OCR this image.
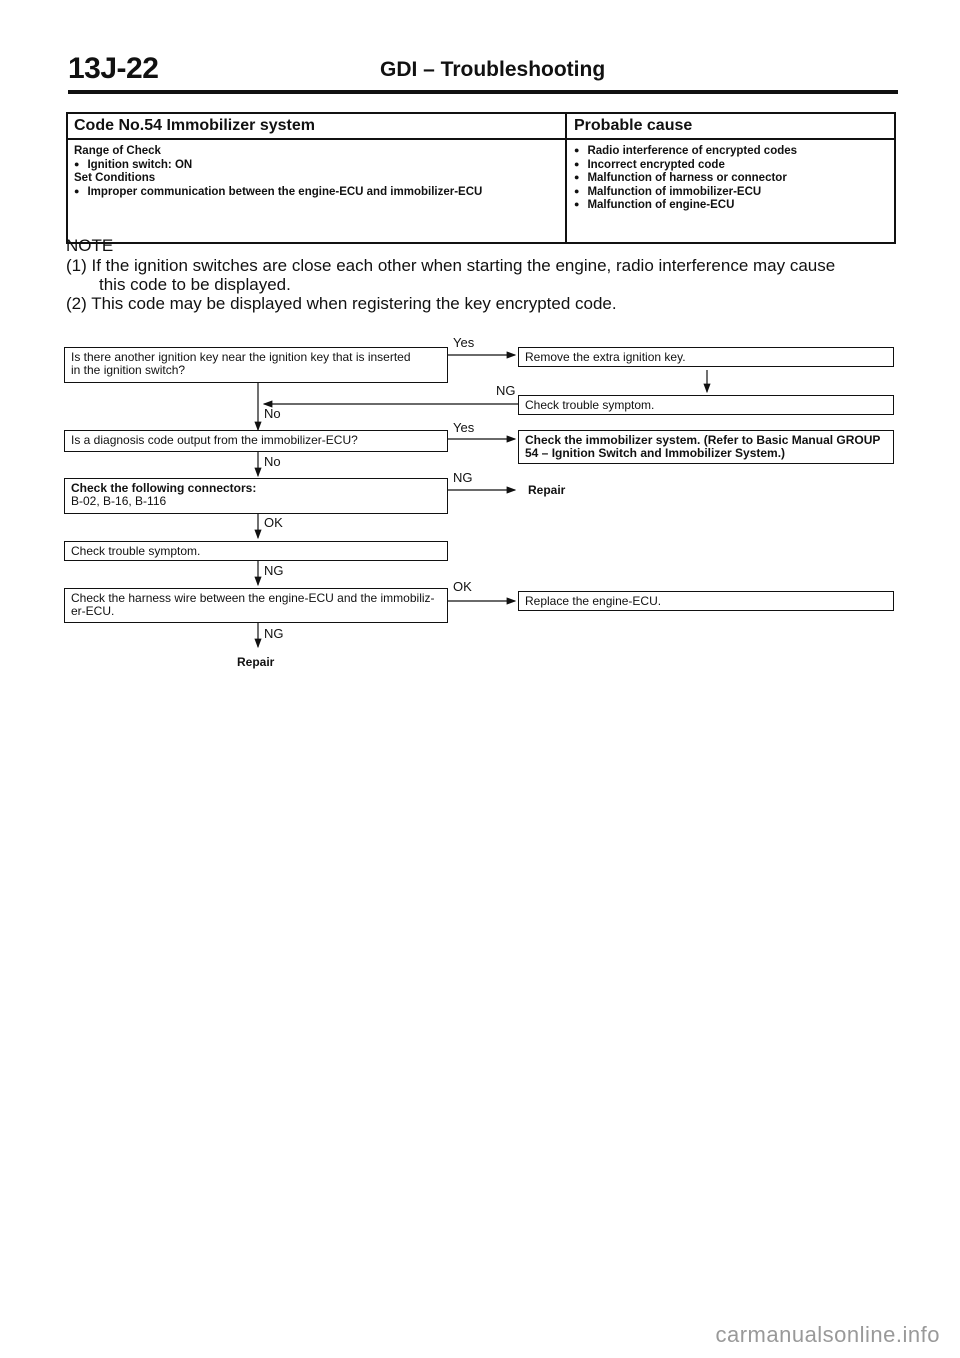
13J-22	GDI – Troubleshooting
Code No.54 Immobilizer system	Probable cause
Range of Check
● Ignition switch: ON
Set Conditions
● Improper communication between the engine-ECU and immobilizer-ECU
● Radio interference of encrypted codes
● Incorrect encrypted code
● Malfunction of harness or connector
● Malfunction of immobilizer-ECU
● Malfunction of engine-ECU
NOTE
(1) If the ignition switches are close each other when starting the engine, radio interference may cause
this code to be displayed.
(2) This code may be displayed when registering the key encrypted code.
Is there another ignition key near the ignition key that is inserted
in the ignition switch?
Yes
Remove the extra ignition key.
NG
Check trouble symptom.
No
Is a diagnosis code output from the immobilizer-ECU?
Yes
Check the immobilizer system. (Refer to Basic Manual GROUP
54 – Ignition Switch and Immobilizer System.)
No
Check the following connectors:
B-02, B-16, B-116
NG
Repair
OK
Check trouble symptom.
NG
Check the harness wire between the engine-ECU and the immobiliz-
er-ECU.
OK
Replace the engine-ECU.
NG
Repair
carmanualsonline.info
